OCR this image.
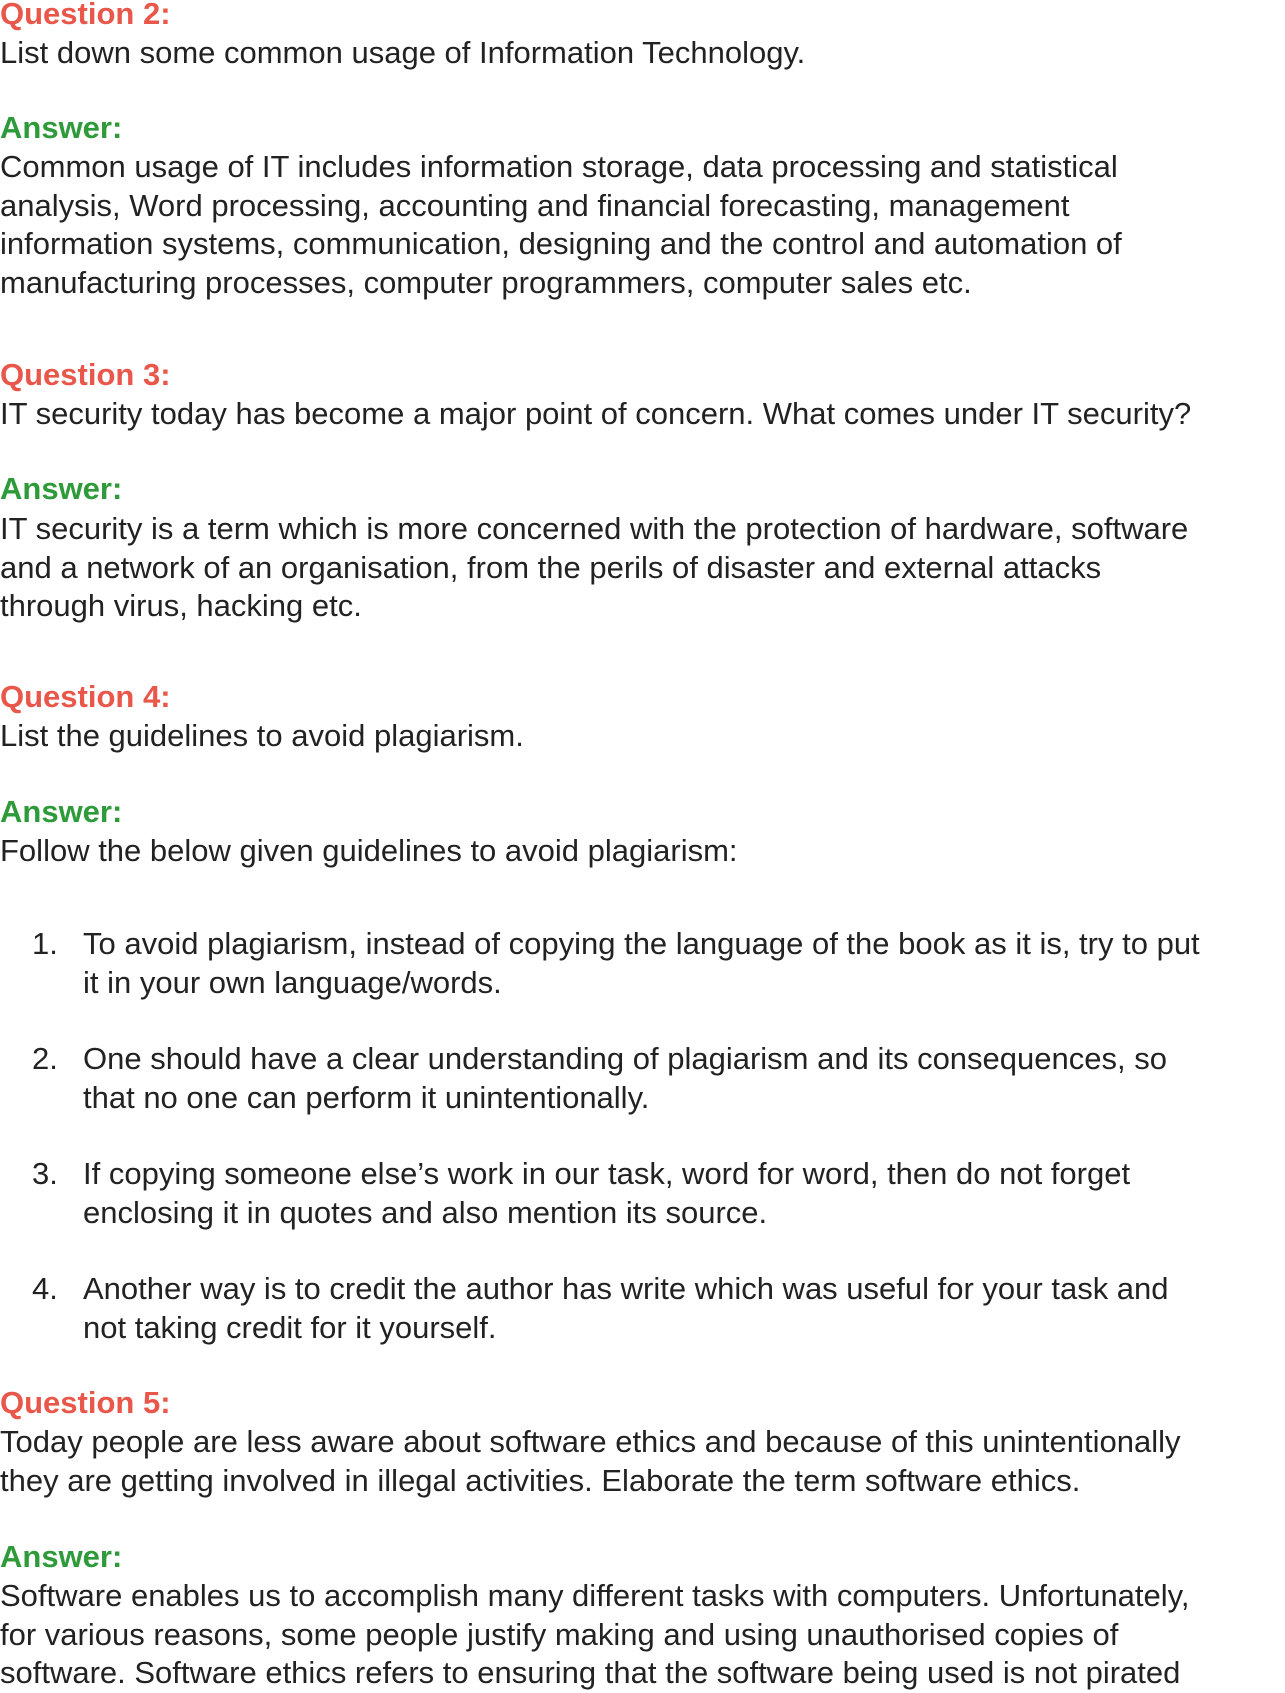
Question 2:

List down some common usage of Information Technology.

Answer:

Common usage of IT includes information storage, data processing and statistical
analysis, Word processing, accounting and financial forecasting, management
information systems, communication, designing and the control and automation of
manufacturing processes, computer programmers, computer sales etc.

Question 3:

IT security today has become a major point of concern. What comes under IT security?

Answer:

IT security is a term which is more concerned with the protection of hardware, software
and a network of an organisation, from the perils of disaster and external attacks
through virus, hacking etc.

Question 4:

List the guidelines to avoid plagiarism.

Answer:

Follow the below given guidelines to avoid plagiarism:

1. To avoid plagiarism, instead of copying the language of the book as it is, try to put
it in your own language/words.

2. One should have a clear understanding of plagiarism and its consequences, so
that no one can perform it unintentionally.

3. If copying someone else’s work in our task, word for word, then do not forget
enclosing it in quotes and also mention its source.

4. Another way is to credit the author has write which was useful for your task and
not taking credit for it yourself.

Question 5:

Today people are less aware about software ethics and because of this unintentionally
they are getting involved in illegal activities. Elaborate the term software ethics.

Answer:

Software enables us to accomplish many different tasks with computers. Unfortunately,
for various reasons, some people justify making and using unauthorised copies of
software. Software ethics refers to ensuring that the software being used is not pirated
